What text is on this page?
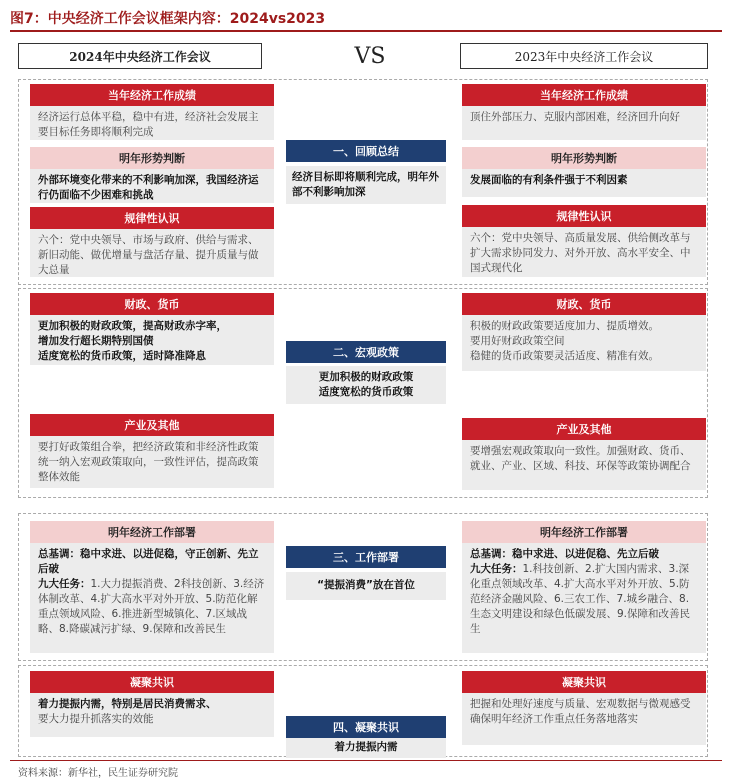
图7：中央经济工作会议框架内容：2024vs2023
2024年中央经济工作会议	VS	2023年中央经济工作会议
当年经济工作成绩
经济运行总体平稳，稳中有进，经济社会发展主要目标任务即将顺利完成
明年形势判断
外部环境变化带来的不利影响加深，我国经济运行仍面临不少困难和挑战
规律性认识
六个：党中央领导、市场与政府、供给与需求、新旧动能、做优增量与盘活存量、提升质量与做大总量
一、回顾总结
经济目标即将顺利完成，明年外部不利影响加深
当年经济工作成绩
顶住外部压力、克服内部困难，经济回升向好
明年形势判断
发展面临的有利条件强于不利因素
规律性认识
六个：党中央领导、高质量发展、供给侧改革与扩大需求协同发力、对外开放、高水平安全、中国式现代化
财政、货币
更加积极的财政政策，提高财政赤字率，
增加发行超长期特别国债
适度宽松的货币政策，适时降准降息
产业及其他
要打好政策组合拳，把经济政策和非经济性政策统一纳入宏观政策取向，一致性评估，提高政策整体效能
二、宏观政策
更加积极的财政政策
适度宽松的货币政策
财政、货币
积极的财政政策要适度加力、提质增效。
要用好财政政策空间
稳健的货币政策要灵活适度、精准有效。
产业及其他
要增强宏观政策取向一致性。加强财政、货币、就业、产业、区域、科技、环保等政策协调配合
明年经济工作部署
总基调：稳中求进、以进促稳，守正创新、先立后破
九大任务：1.大力提振消费、2科技创新、3.经济体制改革、4.扩大高水平对外开放、5.防范化解重点领域风险、6.推进新型城镇化、7.区域战略、8.降碳减污扩绿、9.保障和改善民生
三、工作部署
“提振消费”放在首位
明年经济工作部署
总基调：稳中求进、以进促稳、先立后破
九大任务：1.科技创新、2.扩大国内需求、3.深化重点领域改革、4.扩大高水平对外开放、5.防范经济金融风险、6.三农工作、7.城乡融合、8.生态文明建设和绿色低碳发展、9.保障和改善民生
凝聚共识
着力提振内需，特别是居民消费需求、
要大力提升抓落实的效能
四、凝聚共识
着力提振内需
凝聚共识
把握和处理好速度与质量、宏观数据与微观感受
确保明年经济工作重点任务落地落实
资料来源：新华社，民生证券研究院
